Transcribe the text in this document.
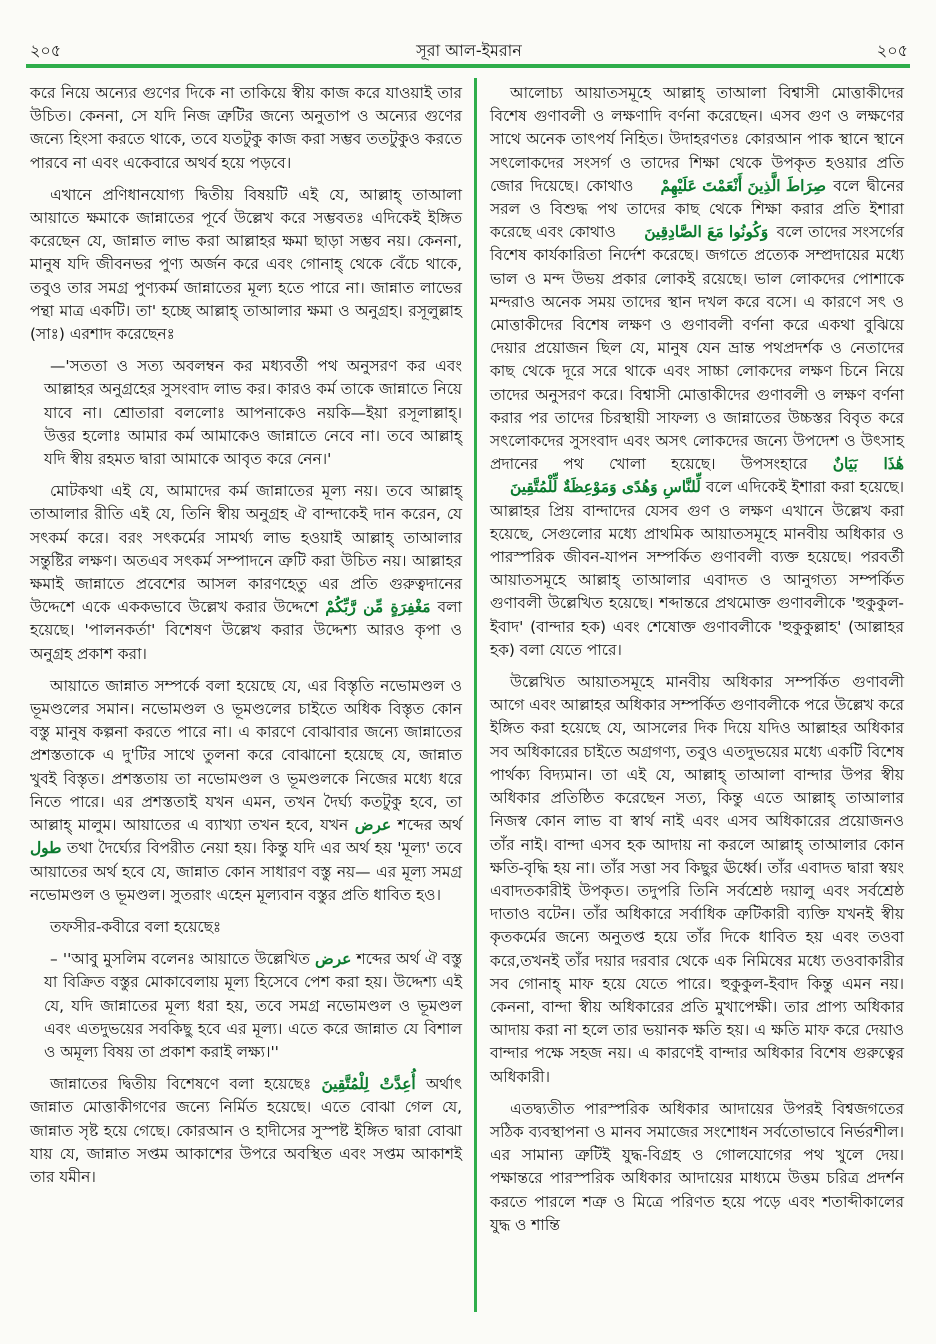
২০৫	সূরা আল-ইমরান	২০৫

করে নিয়ে অন্যের গুণের দিকে না তাকিয়ে স্বীয় কাজ করে যাওয়াই তার উচিত। কেননা, সে যদি নিজ ত্রুটির জন্যে অনুতাপ ও অন্যের গুণের জন্যে হিংসা করতে থাকে, তবে যতটুকু কাজ করা সম্ভব ততটুকুও করতে পারবে না এবং একেবারে অথর্ব হয়ে পড়বে।

এখানে প্রণিধানযোগ্য দ্বিতীয় বিষয়টি এই যে, আল্লাহ্ তাআলা আয়াতে ক্ষমাকে জান্নাতের পূর্বে উল্লেখ করে সম্ভবতঃ এদিকেই ইঙ্গিত করেছেন যে, জান্নাত লাভ করা আল্লাহর ক্ষমা ছাড়া সম্ভব নয়। কেননা, মানুষ যদি জীবনভর পুণ্য অর্জন করে এবং গোনাহ্ থেকে বেঁচে থাকে, তবুও তার সমগ্র পুণ্যকর্ম জান্নাতের মূল্য হতে পারে না। জান্নাত লাভের পন্থা মাত্র একটি। তা' হচ্ছে আল্লাহ্ তাআলার ক্ষমা ও অনুগ্রহ। রসূলুল্লাহ (সাঃ) এরশাদ করেছেনঃ

—'সততা ও সত্য অবলম্বন কর মধ্যবর্তী পথ অনুসরণ কর এবং আল্লাহর অনুগ্রহের সুসংবাদ লাভ কর। কারও কর্ম তাকে জান্নাতে নিয়ে যাবে না। শ্রোতারা বললোঃ আপনাকেও নয়কি—ইয়া রসূলাল্লাহ্। উত্তর হলোঃ আমার কর্ম আমাকেও জান্নাতে নেবে না। তবে আল্লাহ্ যদি স্বীয় রহমত দ্বারা আমাকে আবৃত করে নেন।'

মোটকথা এই যে, আমাদের কর্ম জান্নাতের মূল্য নয়। তবে আল্লাহ্ তাআলার রীতি এই যে, তিনি স্বীয় অনুগ্রহ ঐ বান্দাকেই দান করেন, যে সৎকর্ম করে। বরং সৎকর্মের সামর্থ্য লাভ হওয়াই আল্লাহ্ তাআলার সন্তুষ্টির লক্ষণ। অতএব সৎকর্ম সম্পাদনে ত্রুটি করা উচিত নয়। আল্লাহর ক্ষমাই জান্নাতে প্রবেশের আসল কারণহেতু এর প্রতি গুরুত্বদানের উদ্দেশে একে এককভাবে উল্লেখ করার উদ্দেশে مَغْفِرَةٍ مِّن رَّبِّكُمْ বলা হয়েছে। 'পালনকর্তা' বিশেষণ উল্লেখ করার উদ্দেশ্য আরও কৃপা ও অনুগ্রহ প্রকাশ করা।

আয়াতে জান্নাত সম্পর্কে বলা হয়েছে যে, এর বিস্তৃতি নভোমণ্ডল ও ভূমণ্ডলের সমান। নভোমণ্ডল ও ভূমণ্ডলের চাইতে অধিক বিস্তৃত কোন বস্তু মানুষ কল্পনা করতে পারে না। এ কারণে বোঝাবার জন্যে জান্নাতের প্রশস্ততাকে এ দু'টির সাথে তুলনা করে বোঝানো হয়েছে যে, জান্নাত খুবই বিস্তৃত। প্রশস্ততায় তা নভোমণ্ডল ও ভূমণ্ডলকে নিজের মধ্যে ধরে নিতে পারে। এর প্রশস্ততাই যখন এমন, তখন দৈর্ঘ্য কতটুকু হবে, তা আল্লাহ্ মালুম। আয়াতের এ ব্যাখ্যা তখন হবে, যখন عرض শব্দের অর্থ طول তথা দৈর্ঘ্যের বিপরীত নেয়া হয়। কিন্তু যদি এর অর্থ হয় 'মূল্য' তবে আয়াতের অর্থ হবে যে, জান্নাত কোন সাধারণ বস্তু নয়— এর মূল্য সমগ্র নভোমণ্ডল ও ভূমণ্ডল। সুতরাং এহেন মূল্যবান বস্তুর প্রতি ধাবিত হও।

তফসীর-কবীরে বলা হয়েছেঃ

– ''আবু মুসলিম বলেনঃ আয়াতে উল্লেখিত عرض শব্দের অর্থ ঐ বস্তু যা বিক্রিত বস্তুর মোকাবেলায় মূল্য হিসেবে পেশ করা হয়। উদ্দেশ্য এই যে, যদি জান্নাতের মূল্য ধরা হয়, তবে সমগ্র নভোমণ্ডল ও ভূমণ্ডল এবং এতদুভয়ের সবকিছু হবে এর মূল্য। এতে করে জান্নাত যে বিশাল ও অমূল্য বিষয় তা প্রকাশ করাই লক্ষ্য।''

জান্নাতের দ্বিতীয় বিশেষণে বলা হয়েছেঃ أُعِدَّتْ لِلْمُتَّقِينَ অর্থাৎ জান্নাত মোত্তাকীগণের জন্যে নির্মিত হয়েছে। এতে বোঝা গেল যে, জান্নাত সৃষ্ট হয়ে গেছে। কোরআন ও হাদীসের সুস্পষ্ট ইঙ্গিত দ্বারা বোঝা যায় যে, জান্নাত সপ্তম আকাশের উপরে অবস্থিত এবং সপ্তম আকাশই তার যমীন।

আলোচ্য আয়াতসমূহে আল্লাহ্ তাআলা বিশ্বাসী মোত্তাকীদের বিশেষ গুণাবলী ও লক্ষণাদি বর্ণনা করেছেন। এসব গুণ ও লক্ষণের সাথে অনেক তাৎপর্য নিহিত। উদাহরণতঃ কোরআন পাক স্থানে স্থানে সৎলোকদের সংসর্গ ও তাদের শিক্ষা থেকে উপকৃত হওয়ার প্রতি জোর দিয়েছে। কোথাও صِرَاطَ الَّذِينَ أَنْعَمْتَ عَلَيْهِمْ বলে দ্বীনের সরল ও বিশুদ্ধ পথ তাদের কাছ থেকে শিক্ষা করার প্রতি ইশারা করেছে এবং কোথাও وَكُونُوا مَعَ الصَّادِقِينَ বলে তাদের সংসর্গের বিশেষ কার্যকারিতা নির্দেশ করেছে। জগতে প্রত্যেক সম্প্রদায়ের মধ্যে ভাল ও মন্দ উভয় প্রকার লোকই রয়েছে। ভাল লোকদের পোশাকে মন্দরাও অনেক সময় তাদের স্থান দখল করে বসে। এ কারণে সৎ ও মোত্তাকীদের বিশেষ লক্ষণ ও গুণাবলী বর্ণনা করে একথা বুঝিয়ে দেয়ার প্রয়োজন ছিল যে, মানুষ যেন ভ্রান্ত পথপ্রদর্শক ও নেতাদের কাছ থেকে দূরে সরে থাকে এবং সাচ্চা লোকদের লক্ষণ চিনে নিয়ে তাদের অনুসরণ করে। বিশ্বাসী মোত্তাকীদের গুণাবলী ও লক্ষণ বর্ণনা করার পর তাদের চিরস্থায়ী সাফল্য ও জান্নাতের উচ্চস্তর বিবৃত করে সৎলোকদের সুসংবাদ এবং অসৎ লোকদের জন্যে উপদেশ ও উৎসাহ প্রদানের পথ খোলা হয়েছে। উপসংহারে هَٰذَا بَيَانٌ لِّلنَّاسِ وَهُدًى وَمَوْعِظَةٌ لِّلْمُتَّقِينَ বলে এদিকেই ইশারা করা হয়েছে। আল্লাহর প্রিয় বান্দাদের যেসব গুণ ও লক্ষণ এখানে উল্লেখ করা হয়েছে, সেগুলোর মধ্যে প্রাথমিক আয়াতসমূহে মানবীয় অধিকার ও পারস্পরিক জীবন-যাপন সম্পর্কিত গুণাবলী ব্যক্ত হয়েছে। পরবর্তী আয়াতসমূহে আল্লাহ্ তাআলার এবাদত ও আনুগত্য সম্পর্কিত গুণাবলী উল্লেখিত হয়েছে। শব্দান্তরে প্রথমোক্ত গুণাবলীকে 'হুকুকুল-ইবাদ' (বান্দার হক) এবং শেষোক্ত গুণাবলীকে 'হুকুকুল্লাহ' (আল্লাহর হক) বলা যেতে পারে।

উল্লেখিত আয়াতসমূহে মানবীয় অধিকার সম্পর্কিত গুণাবলী আগে এবং আল্লাহর অধিকার সম্পর্কিত গুণাবলীকে পরে উল্লেখ করে ইঙ্গিত করা হয়েছে যে, আসলের দিক দিয়ে যদিও আল্লাহর অধিকার সব অধিকারের চাইতে অগ্রগণ্য, তবুও এতদুভয়ের মধ্যে একটি বিশেষ পার্থক্য বিদ্যমান। তা এই যে, আল্লাহ্ তাআলা বান্দার উপর স্বীয় অধিকার প্রতিষ্ঠিত করেছেন সত্য, কিন্তু এতে আল্লাহ্ তাআলার নিজস্ব কোন লাভ বা স্বার্থ নাই এবং এসব অধিকারের প্রয়োজনও তাঁর নাই। বান্দা এসব হক আদায় না করলে আল্লাহ্ তাআলার কোন ক্ষতি-বৃদ্ধি হয় না। তাঁর সত্তা সব কিছুর ঊর্ধ্বে। তাঁর এবাদত দ্বারা স্বয়ং এবাদতকারীই উপকৃত। তদুপরি তিনি সর্বশ্রেষ্ঠ দয়ালু এবং সর্বশ্রেষ্ঠ দাতাও বটেন। তাঁর অধিকারে সর্বাধিক ত্রুটিকারী ব্যক্তি যখনই স্বীয় কৃতকর্মের জন্যে অনুতপ্ত হয়ে তাঁর দিকে ধাবিত হয় এবং তওবা করে,তখনই তাঁর দয়ার দরবার থেকে এক নিমিষের মধ্যে তওবাকারীর সব গোনাহ্ মাফ হয়ে যেতে পারে। হুকুকুল-ইবাদ কিন্তু এমন নয়। কেননা, বান্দা স্বীয় অধিকারের প্রতি মুখাপেক্ষী। তার প্রাপ্য অধিকার আদায় করা না হলে তার ভয়ানক ক্ষতি হয়। এ ক্ষতি মাফ করে দেয়াও বান্দার পক্ষে সহজ নয়। এ কারণেই বান্দার অধিকার বিশেষ গুরুত্বের অধিকারী।

এতদ্ব্যতীত পারস্পরিক অধিকার আদায়ের উপরই বিশ্বজগতের সঠিক ব্যবস্থাপনা ও মানব সমাজের সংশোধন সর্বতোভাবে নির্ভরশীল। এর সামান্য ত্রুটিই যুদ্ধ-বিগ্রহ ও গোলযোগের পথ খুলে দেয়। পক্ষান্তরে পারস্পরিক অধিকার আদায়ের মাধ্যমে উত্তম চরিত্র প্রদর্শন করতে পারলে শত্রু ও মিত্রে পরিণত হয়ে পড়ে এবং শতাব্দীকালের যুদ্ধ ও শান্তি
